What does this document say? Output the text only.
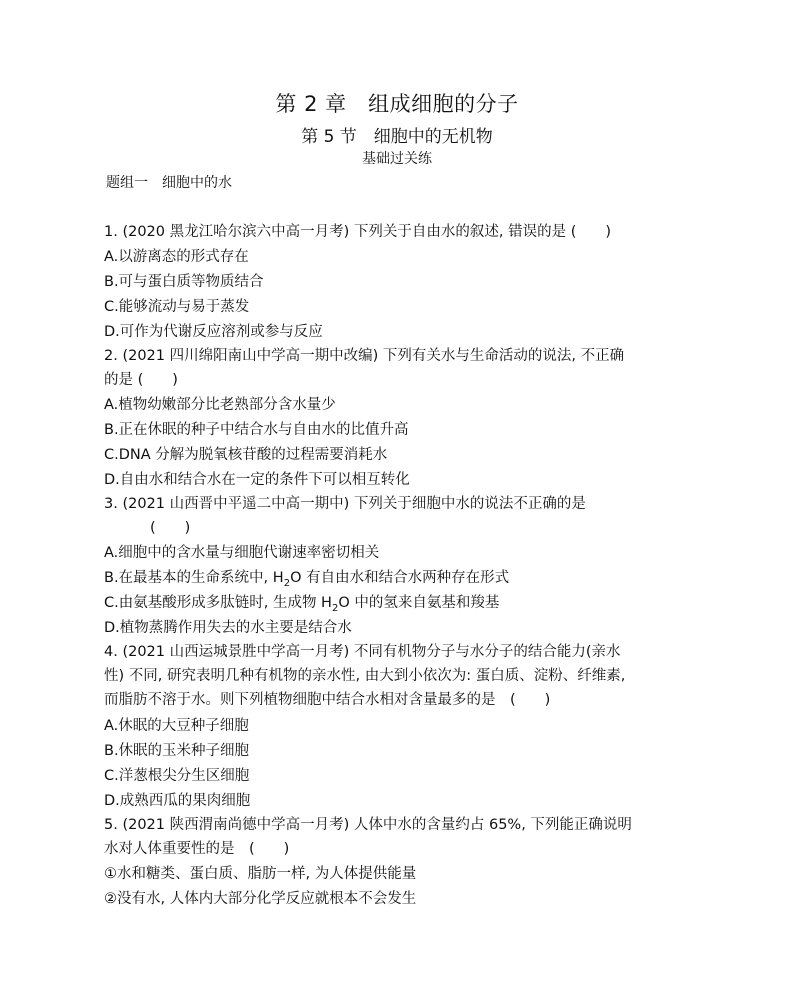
第 2 章　组成细胞的分子
第 5 节　细胞中的无机物
基础过关练
题组一　细胞中的水
1. (2020 黑龙江哈尔滨六中高一月考) 下列关于自由水的叙述, 错误的是 (　　)
A.以游离态的形式存在
B.可与蛋白质等物质结合
C.能够流动与易于蒸发
D.可作为代谢反应溶剂或参与反应
2. (2021 四川绵阳南山中学高一期中改编) 下列有关水与生命活动的说法, 不正确
的是 (　　)
A.植物幼嫩部分比老熟部分含水量少
B.正在休眠的种子中结合水与自由水的比值升高
C.DNA 分解为脱氧核苷酸的过程需要消耗水
D.自由水和结合水在一定的条件下可以相互转化
3. (2021 山西晋中平遥二中高一期中) 下列关于细胞中水的说法不正确的是
(　　)
A.细胞中的含水量与细胞代谢速率密切相关
B.在最基本的生命系统中, $H_2O$ 有自由水和结合水两种存在形式
C.由氨基酸形成多肽链时, 生成物 $H_2O$ 中的氢来自氨基和羧基
D.植物蒸腾作用失去的水主要是结合水
4. (2021 山西运城景胜中学高一月考) 不同有机物分子与水分子的结合能力(亲水
性) 不同, 研究表明几种有机物的亲水性, 由大到小依次为: 蛋白质、淀粉、纤维素,
而脂肪不溶于水。则下列植物细胞中结合水相对含量最多的是　(　　)
A.休眠的大豆种子细胞
B.休眠的玉米种子细胞
C.洋葱根尖分生区细胞
D.成熟西瓜的果肉细胞
5. (2021 陕西渭南尚德中学高一月考) 人体中水的含量约占 65%, 下列能正确说明
水对人体重要性的是　(　　)
①水和糖类、蛋白质、脂肪一样, 为人体提供能量
②没有水, 人体内大部分化学反应就根本不会发生
